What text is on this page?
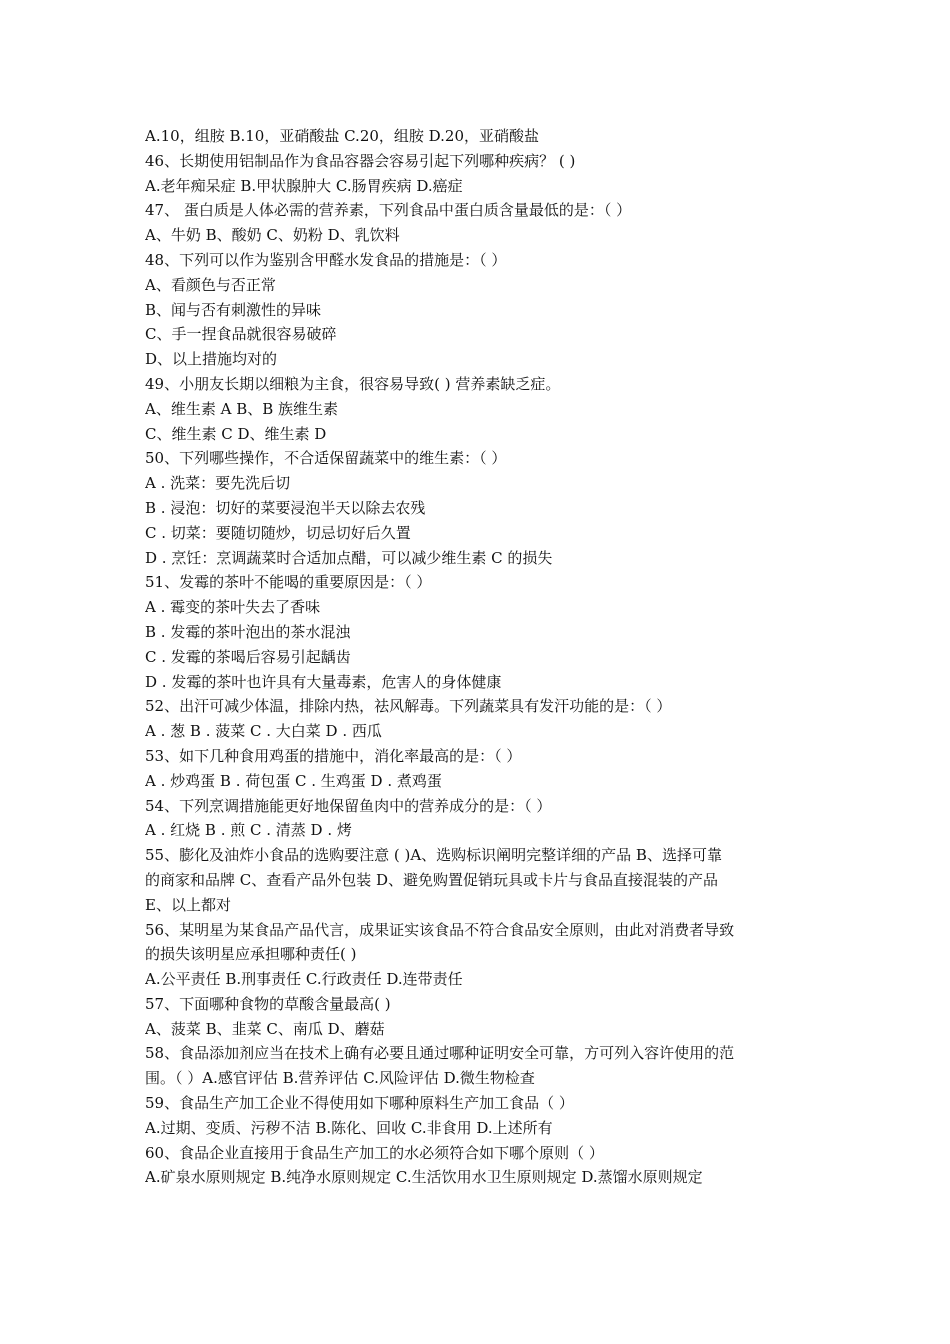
A.10，组胺 B.10，亚硝酸盐 C.20，组胺 D.20，亚硝酸盐
46、长期使用铝制品作为食品容器会容易引起下列哪种疾病？ ( )
A.老年痴呆症 B.甲状腺肿大 C.肠胃疾病 D.癌症
47、 蛋白质是人体必需的营养素，下列食品中蛋白质含量最低的是：（ ）
A、牛奶 B、酸奶 C、奶粉 D、乳饮料
48、下列可以作为鉴别含甲醛水发食品的措施是：（ ）
A、看颜色与否正常
B、闻与否有刺激性的异味
C、手一捏食品就很容易破碎
D、以上措施均对的
49、小朋友长期以细粮为主食，很容易导致( ) 营养素缺乏症。
A、维生素 A B、B 族维生素
C、维生素 C D、维生素 D
50、下列哪些操作，不合适保留蔬菜中的维生素：（ ）
A . 洗菜：要先洗后切
B . 浸泡：切好的菜要浸泡半天以除去农残
C . 切菜：要随切随炒，切忌切好后久置
D . 烹饪：烹调蔬菜时合适加点醋，可以减少维生素 C 的损失
51、发霉的茶叶不能喝的重要原因是：（ ）
A . 霉变的茶叶失去了香味
B . 发霉的茶叶泡出的茶水混浊
C . 发霉的茶喝后容易引起龋齿
D . 发霉的茶叶也许具有大量毒素，危害人的身体健康
52、出汗可减少体温，排除内热，祛风解毒。下列蔬菜具有发汗功能的是：（ ）
A . 葱 B . 菠菜 C . 大白菜 D . 西瓜
53、如下几种食用鸡蛋的措施中，消化率最高的是：（ ）
A . 炒鸡蛋 B . 荷包蛋 C . 生鸡蛋 D . 煮鸡蛋
54、下列烹调措施能更好地保留鱼肉中的营养成分的是：（ ）
A . 红烧 B . 煎 C . 清蒸 D . 烤
55、膨化及油炸小食品的选购要注意 ( )A、选购标识阐明完整详细的产品 B、选择可靠
的商家和品牌 C、查看产品外包装 D、避免购置促销玩具或卡片与食品直接混装的产品
E、以上都对
56、某明星为某食品产品代言，成果证实该食品不符合食品安全原则，由此对消费者导致
的损失该明星应承担哪种责任( )
A.公平责任 B.刑事责任 C.行政责任 D.连带责任
57、下面哪种食物的草酸含量最高( )
A、菠菜 B、韭菜 C、南瓜 D、蘑菇
58、食品添加剂应当在技术上确有必要且通过哪种证明安全可靠，方可列入容许使用的范
围。（ ）A.感官评估 B.营养评估 C.风险评估 D.微生物检查
59、食品生产加工企业不得使用如下哪种原料生产加工食品（ ）
A.过期、变质、污秽不洁 B.陈化、回收 C.非食用 D.上述所有
60、食品企业直接用于食品生产加工的水必须符合如下哪个原则（ ）
A.矿泉水原则规定 B.纯净水原则规定 C.生活饮用水卫生原则规定 D.蒸馏水原则规定
